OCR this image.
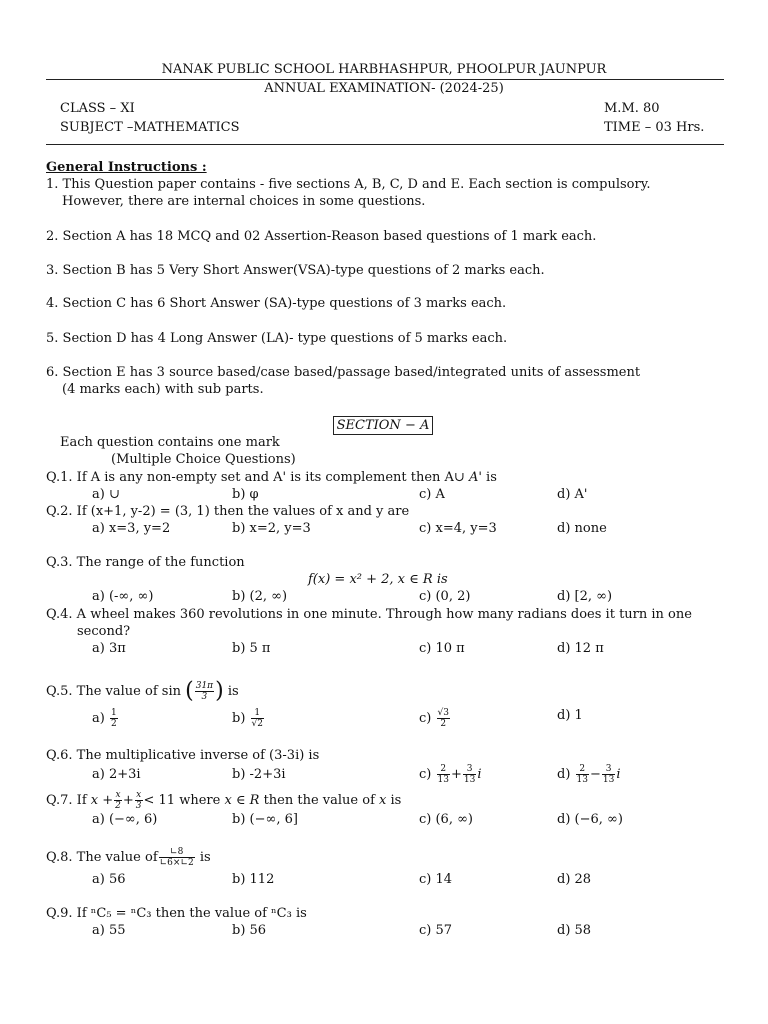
NANAK PUBLIC SCHOOL HARBHASHPUR, PHOOLPUR JAUNPUR
ANNUAL EXAMINATION- (2024-25)
CLASS – XI	M.M. 80
SUBJECT –MATHEMATICS	TIME – 03 Hrs.
General Instructions :
1. This Question paper contains - five sections A, B, C, D and E. Each section is compulsory.
However, there are internal choices in some questions.
2. Section A has 18 MCQ and 02 Assertion-Reason based questions of 1 mark each.
3. Section B has 5 Very Short Answer(VSA)-type questions of 2 marks each.
4. Section C has 6 Short Answer (SA)-type questions of 3 marks each.
5. Section D has 4 Long Answer (LA)- type questions of 5 marks each.
6. Section E has 3 source based/case based/passage based/integrated units of assessment
(4 marks each) with sub parts.
SECTION − A
Each question contains one mark
(Multiple Choice Questions)
Q.1. If A is any non-empty set and A' is its complement then A∪ A' is
a) ∪	b) φ	c) A	d) A'
Q.2. If (x+1, y-2) = (3, 1) then the values of x and y are
a) x=3, y=2	b) x=2, y=3	c) x=4, y=3	d) none
Q.3. The range of the function
f(x) = x² + 2, x ∈ R is
a) (-∞, ∞)	b) (2, ∞)	c) (0, 2)	d) [2, ∞)
Q.4. A wheel makes 360 revolutions in one minute. Through how many radians does it turn in one
second?
a) 3π	b) 5 π	c) 10 π	d) 12 π
Q.5. The value of sin ( $\frac{31\pi}{3}$ ) is
$a) \frac{1}{2}$	$b) \frac{1}{√2}$	$c) \frac{√3}{2}$	d) 1
Q.6. The multiplicative inverse of (3-3i) is
a) 2+3i	b) -2+3i	$c) \frac{2}{13} + \frac{3}{13}$ i	$d) \frac{2}{13} - \frac{3}{13}$ i
Q.7. If $x + \frac{x}{2} + \frac{x}{3} < 11$ where x ∈ R then the value of x is
a) (−∞, 6)	b) (−∞, 6]	c) (6, ∞)	d) (−6, ∞)
Q.8. The value of $\frac{∟8}{∟6\times∟2}$ is
a) 56	b) 112	c) 14	d) 28
Q.9. If ⁿC₅ = ⁿC₃ then the value of ⁿC₃ is
a) 55	b) 56	c) 57	d) 58
